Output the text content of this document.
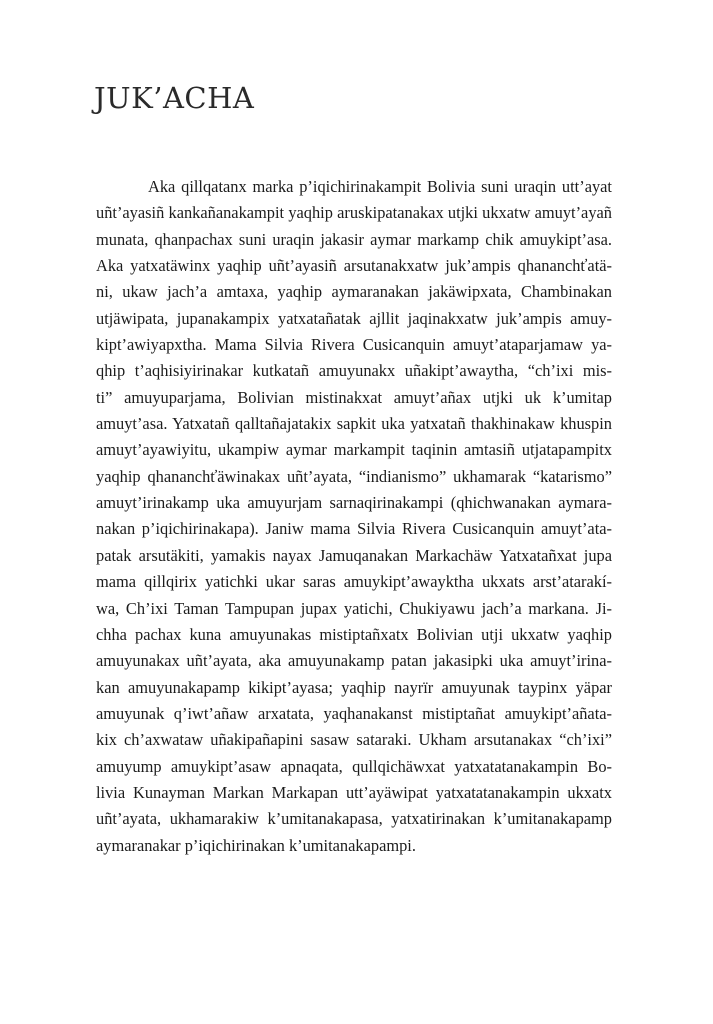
JUK’ACHA
Aka qillqatanx marka p’iqichirinakampit Bolivia suni uraqin utt’ayat
uñt’ayasiñ kankañanakampit yaqhip aruskipatanakax utjki ukxatw amuyt’ayañ
munata, qhanpachax suni uraqin jakasir aymar markamp chik amuykipt’asa.
Aka yatxatäwinx yaqhip uñt’ayasiñ arsutanakxatw juk’ampis qhananchťatä-
ni, ukaw jach’a amtaxa, yaqhip aymaranakan jakäwipxata, Chambinakan
utjäwipata, jupanakampix yatxatañatak ajllit jaqinakxatw juk’ampis amuy-
kipt’awiyapxtha. Mama Silvia Rivera Cusicanquin amuyt’ataparjamaw ya-
qhip t’aqhisiyirinakar kutkatañ amuyunakx uñakipt’awaytha, “ch’ixi mis-
ti” amuyuparjama, Bolivian mistinakxat amuyt’añax utjki uk k’umitap
amuyt’asa. Yatxatañ qalltañajatakix sapkit uka yatxatañ thakhinakaw khuspin
amuyt’ayawiyitu, ukampiw aymar markampit taqinin amtasiñ utjatapampitx
yaqhip qhananchťäwinakax uñt’ayata, “indianismo” ukhamarak “katarismo”
amuyt’irinakamp uka amuyurjam sarnaqirinakampi (qhichwanakan aymara-
nakan p’iqichirinakapa). Janiw mama Silvia Rivera Cusicanquin amuyt’ata-
patak arsutäkiti, yamakis nayax Jamuqanakan Markachäw Yatxatañxat jupa
mama qillqirix yatichki ukar saras amuykipt’awayktha ukxats arst’atarakí-
wa, Ch’ixi Taman Tampupan jupax yatichi, Chukiyawu jach’a markana. Ji-
chha pachax kuna amuyunakas mistiptañxatx Bolivian utji ukxatw yaqhip
amuyunakax uñt’ayata, aka amuyunakamp patan jakasipki uka amuyt’irina-
kan amuyunakapamp kikipt’ayasa; yaqhip nayrïr amuyunak taypinx yäpar
amuyunak q’iwt’añaw arxatata, yaqhanakanst mistiptañat amuykipt’añata-
kix ch’axwataw uñakipañapini sasaw sataraki. Ukham arsutanakax “ch’ixi”
amuyump amuykipt’asaw apnaqata, qullqichäwxat yatxatatanakampin Bo-
livia Kunayman Markan Markapan utt’ayäwipat yatxatatanakampin ukxatx
uñt’ayata, ukhamarakiw k’umitanakapasa, yatxatirinakan k’umitanakapamp
aymaranakar p’iqichirinakan k’umitanakapampi.
